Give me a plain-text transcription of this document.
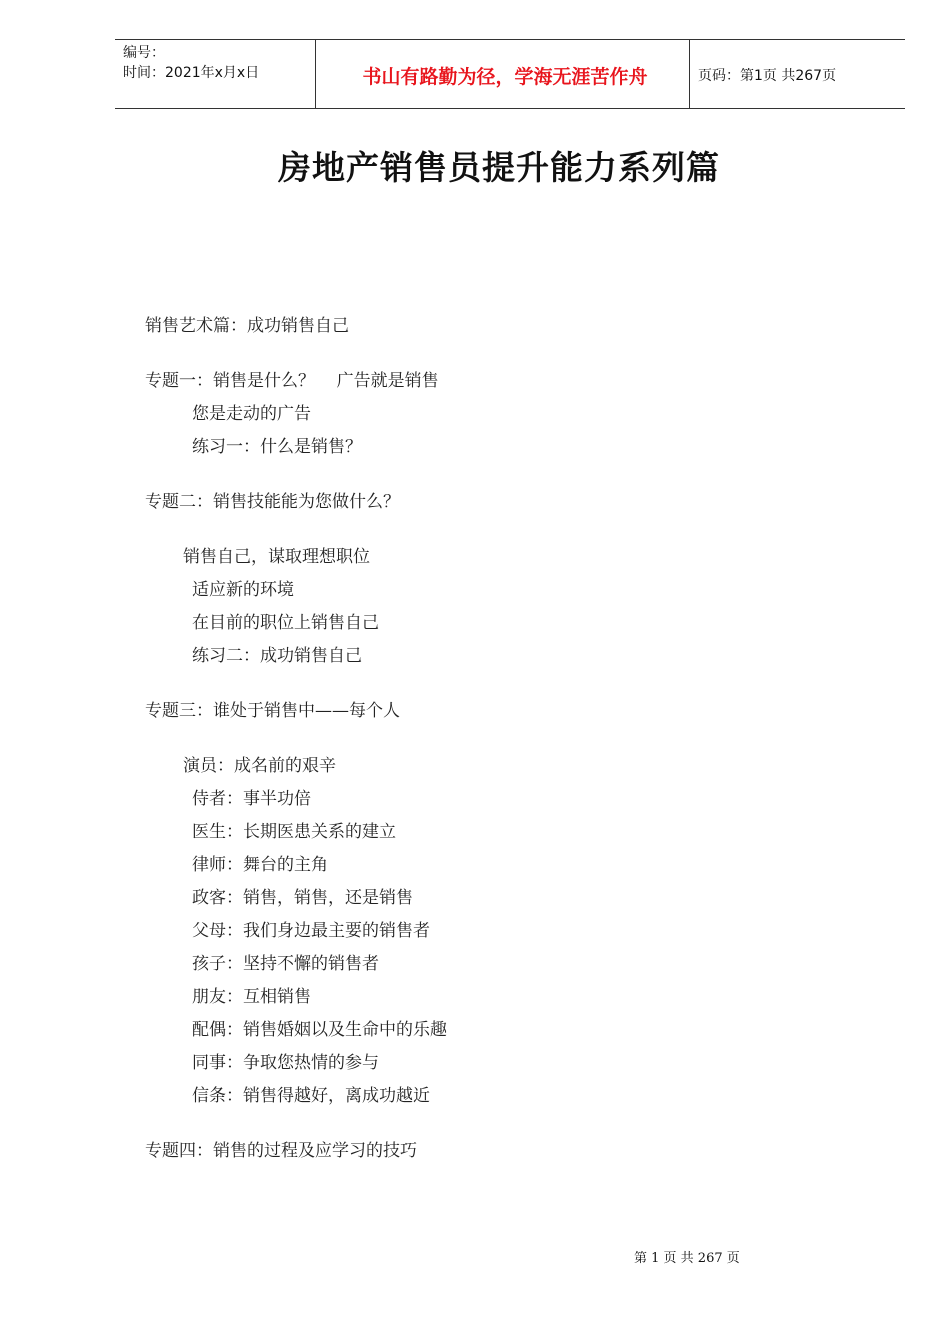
编号：
时间：2021年x月x日	书山有路勤为径，学海无涯苦作舟	页码：第1页 共267页
房地产销售员提升能力系列篇
销售艺术篇：成功销售自己
专题一：销售是什么？    广告就是销售
您是走动的广告
练习一：什么是销售？
专题二：销售技能能为您做什么？
销售自己，谋取理想职位
适应新的环境
在目前的职位上销售自己
练习二：成功销售自己
专题三：谁处于销售中——每个人
演员：成名前的艰辛
侍者：事半功倍
医生：长期医患关系的建立
律师：舞台的主角
政客：销售，销售，还是销售
父母：我们身边最主要的销售者
孩子：坚持不懈的销售者
朋友：互相销售
配偶：销售婚姻以及生命中的乐趣
同事：争取您热情的参与
信条：销售得越好，离成功越近
专题四：销售的过程及应学习的技巧
第 1 页 共 267 页
